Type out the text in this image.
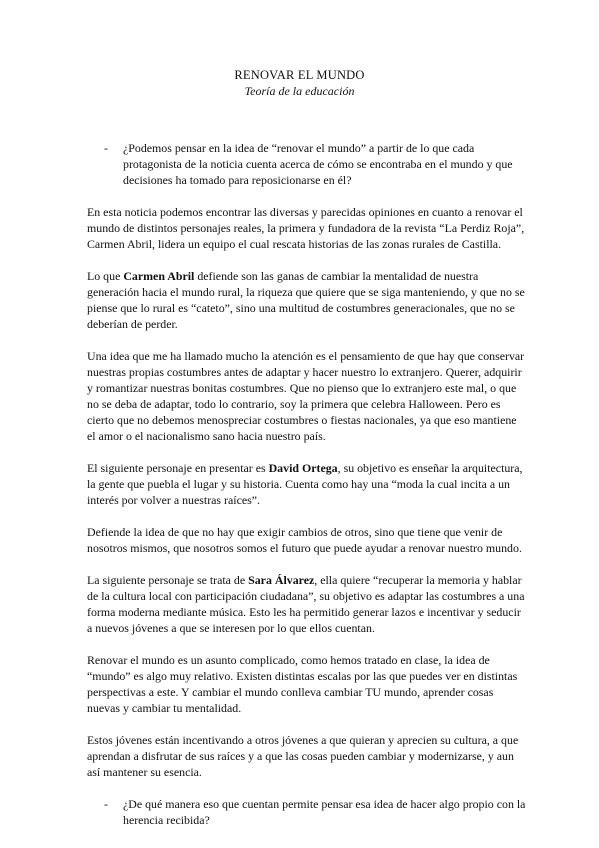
RENOVAR EL MUNDO
Teoría de la educación
- ¿Podemos pensar en la idea de “renovar el mundo” a partir de lo que cada protagonista de la noticia cuenta acerca de cómo se encontraba en el mundo y que decisiones ha tomado para reposicionarse en él?
En esta noticia podemos encontrar las diversas y parecidas opiniones en cuanto a renovar el mundo de distintos personajes reales, la primera y fundadora de la revista “La Perdiz Roja”, Carmen Abril, lidera un equipo el cual rescata historias de las zonas rurales de Castilla.
Lo que Carmen Abril defiende son las ganas de cambiar la mentalidad de nuestra generación hacia el mundo rural, la riqueza que quiere que se siga manteniendo, y que no se piense que lo rural es “cateto”, sino una multitud de costumbres generacionales, que no se deberían de perder.
Una idea que me ha llamado mucho la atención es el pensamiento de que hay que conservar nuestras propias costumbres antes de adaptar y hacer nuestro lo extranjero. Querer, adquirir y romantizar nuestras bonitas costumbres. Que no pienso que lo extranjero este mal, o que no se deba de adaptar, todo lo contrario, soy la primera que celebra Halloween. Pero es cierto que no debemos menospreciar costumbres o fiestas nacionales, ya que eso mantiene el amor o el nacionalismo sano hacia nuestro país.
El siguiente personaje en presentar es David Ortega, su objetivo es enseñar la arquitectura, la gente que puebla el lugar y su historia. Cuenta como hay una “moda la cual incita a un interés por volver a nuestras raíces”.
Defiende la idea de que no hay que exigir cambios de otros, sino que tiene que venir de nosotros mismos, que nosotros somos el futuro que puede ayudar a renovar nuestro mundo.
La siguiente personaje se trata de Sara Álvarez, ella quiere “recuperar la memoria y hablar de la cultura local con participación ciudadana”, su objetivo es adaptar las costumbres a una forma moderna mediante música. Esto les ha permitido generar lazos e incentivar y seducir a nuevos jóvenes a que se interesen por lo que ellos cuentan.
Renovar el mundo es un asunto complicado, como hemos tratado en clase, la idea de “mundo” es algo muy relativo. Existen distintas escalas por las que puedes ver en distintas perspectivas a este. Y cambiar el mundo conlleva cambiar TU mundo, aprender cosas nuevas y cambiar tu mentalidad.
Estos jóvenes están incentivando a otros jóvenes a que quieran y aprecien su cultura, a que aprendan a disfrutar de sus raíces y a que las cosas pueden cambiar y modernizarse, y aun así mantener su esencia.
- ¿De qué manera eso que cuentan permite pensar esa idea de hacer algo propio con la herencia recibida?
